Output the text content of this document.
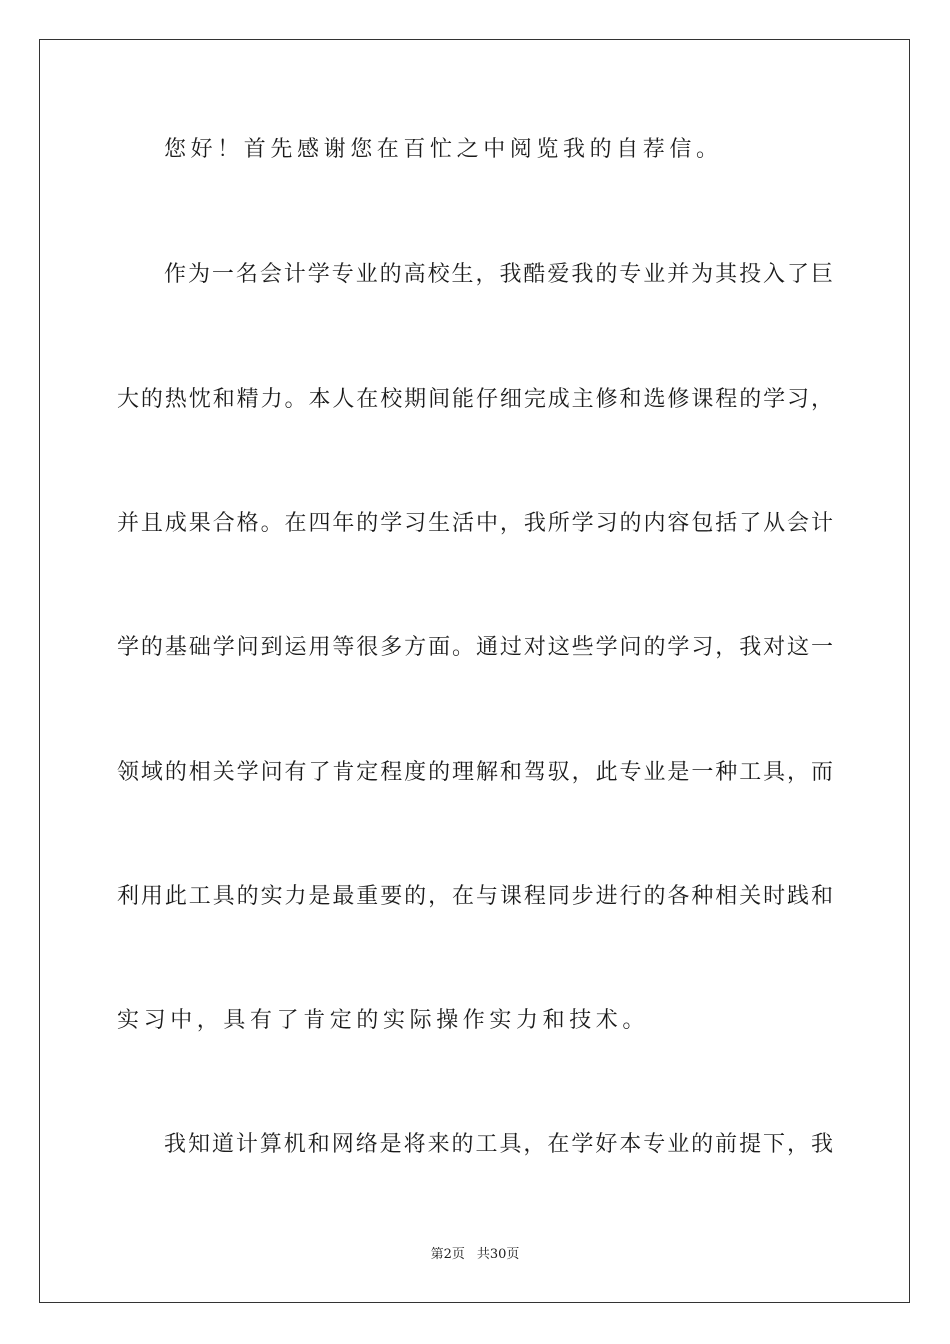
您好！首先感谢您在百忙之中阅览我的自荐信。
作为一名会计学专业的高校生，我酷爱我的专业并为其投入了巨
大的热忱和精力。本人在校期间能仔细完成主修和选修课程的学习，
并且成果合格。在四年的学习生活中，我所学习的内容包括了从会计
学的基础学问到运用等很多方面。通过对这些学问的学习，我对这一
领域的相关学问有了肯定程度的理解和驾驭，此专业是一种工具，而
利用此工具的实力是最重要的，在与课程同步进行的各种相关时践和
实习中，具有了肯定的实际操作实力和技术。
我知道计算机和网络是将来的工具，在学好本专业的前提下，我
第2页 共30页
